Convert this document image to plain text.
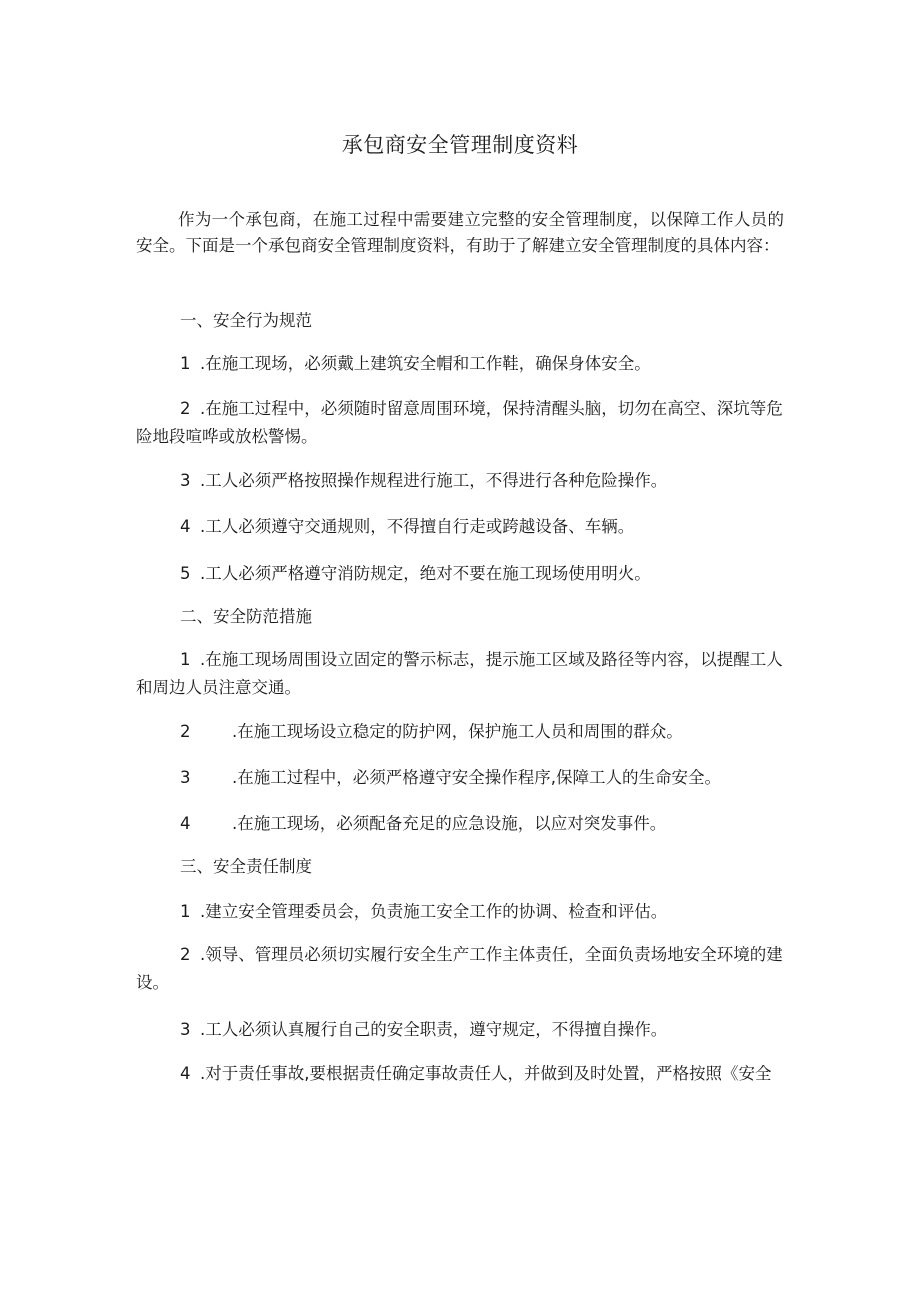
承包商安全管理制度资料
作为一个承包商，在施工过程中需要建立完整的安全管理制度，以保障工作人员的安全。下面是一个承包商安全管理制度资料，有助于了解建立安全管理制度的具体内容：
一、安全行为规范
1 .在施工现场，必须戴上建筑安全帽和工作鞋，确保身体安全。
2 .在施工过程中，必须随时留意周围环境，保持清醒头脑，切勿在高空、深坑等危险地段喧哗或放松警惕。
3 .工人必须严格按照操作规程进行施工，不得进行各种危险操作。
4 .工人必须遵守交通规则，不得擅自行走或跨越设备、车辆。
5 .工人必须严格遵守消防规定，绝对不要在施工现场使用明火。
二、安全防范措施
1 .在施工现场周围设立固定的警示标志，提示施工区域及路径等内容，以提醒工人和周边人员注意交通。
2	.在施工现场设立稳定的防护网，保护施工人员和周围的群众。
3	.在施工过程中，必须严格遵守安全操作程序,保障工人的生命安全。
4	.在施工现场，必须配备充足的应急设施，以应对突发事件。
三、安全责任制度
1 .建立安全管理委员会，负责施工安全工作的协调、检查和评估。
2 .领导、管理员必须切实履行安全生产工作主体责任，全面负责场地安全环境的建设。
3 .工人必须认真履行自己的安全职责，遵守规定，不得擅自操作。
4 .对于责任事故,要根据责任确定事故责任人，并做到及时处置，严格按照《安全
